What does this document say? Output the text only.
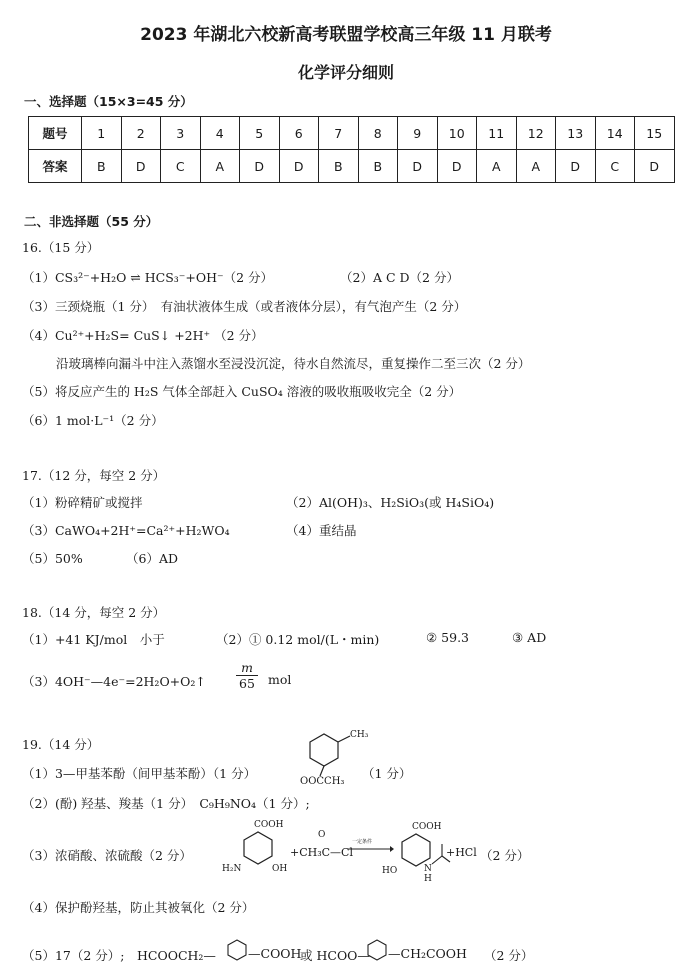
2023 年湖北六校新高考联盟学校高三年级 11 月联考
化学评分细则
一、选择题（15×3=45 分）
题号	1	2	3	4	5	6	7	8	9	10	11	12	13	14	15
答案	B	D	C	A	D	D	B	B	D	D	A	A	D	C	D
二、非选择题（55 分）
16.（15 分）
（1）CS₃²⁻+H₂O ⇌ HCS₃⁻+OH⁻（2 分）	（2）A C D（2 分）
（3）三颈烧瓶（1 分）　有油状液体生成（或者液体分层），有气泡产生（2 分）
（4）Cu²⁺+H₂S= CuS↓ +2H⁺ （2 分）
沿玻璃棒向漏斗中注入蒸馏水至浸没沉淀，待水自然流尽，重复操作二至三次（2 分）
（5）将反应产生的 H₂S 气体全部赶入 CuSO₄ 溶液的吸收瓶吸收完全（2 分）
（6）1 mol·L⁻¹（2 分）
17.（12 分，每空 2 分）
（1）粉碎精矿或搅拌	（2）Al(OH)₃、H₂SiO₃(或 H₄SiO₄)
（3）CaWO₄+2H⁺=Ca²⁺+H₂WO₄	（4）重结晶
（5）50%	（6）AD
18.（14 分，每空 2 分）
（1）+41 KJ/mol　小于	（2）① 0.12 mol/(L・min)	② 59.3	③ AD
（3）4OH⁻—4e⁻=2H₂O+O₂↑ $\frac{m}{65}$ mol
19.（14 分）
（1）3—甲基苯酚（间甲基苯酚）（1 分）
CH₃
OOCCH₃
（1 分）
（2）(酚) 羟基、羧基（1 分）　C₉H₉NO₄（1 分）;
（3）浓硝酸、浓硫酸（2 分）
COOH
H₂N	OH
+CH₃C—Cl
O
一定条件
COOH
HO	N
H
+HCl （2 分）
（4）保护酚羟基，防止其被氧化（2 分）
（5）17（2 分）;　HCOOCH₂—	—COOH
或 HCOO— —CH₂COOH （2 分）
